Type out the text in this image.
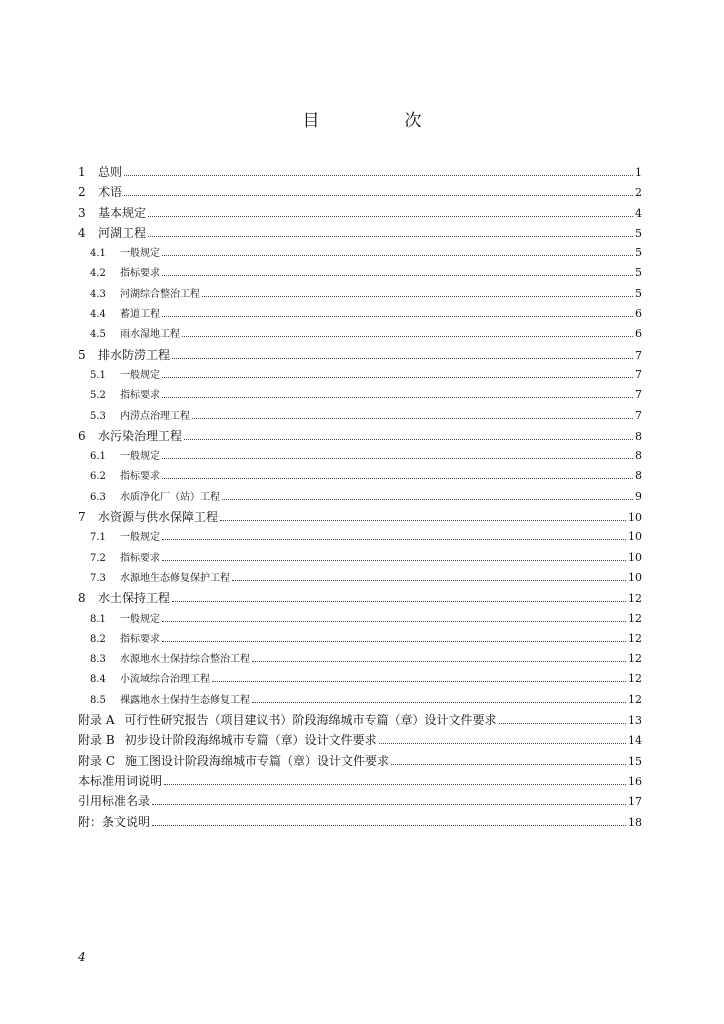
目　次
1	总则	1
2	术语	2
3	基本规定	4
4	河湖工程	5
4.1	一般规定	5
4.2	指标要求	5
4.3	河湖综合整治工程	5
4.4	蓄道工程	6
4.5	雨水湿地工程	6
5	排水防涝工程	7
5.1	一般规定	7
5.2	指标要求	7
5.3	内涝点治理工程	7
6	水污染治理工程	8
6.1	一般规定	8
6.2	指标要求	8
6.3	水质净化厂（站）工程	9
7	水资源与供水保障工程	10
7.1	一般规定	10
7.2	指标要求	10
7.3	水源地生态修复保护工程	10
8	水土保持工程	12
8.1	一般规定	12
8.2	指标要求	12
8.3	水源地水土保持综合整治工程	12
8.4	小流域综合治理工程	12
8.5	裸露地水土保持生态修复工程	12
附录 A 可行性研究报告（项目建议书）阶段海绵城市专篇（章）设计文件要求	13
附录 B 初步设计阶段海绵城市专篇（章）设计文件要求	14
附录 C 施工图设计阶段海绵城市专篇（章）设计文件要求	15
本标准用词说明	16
引用标准名录	17
附：条文说明	18
4
